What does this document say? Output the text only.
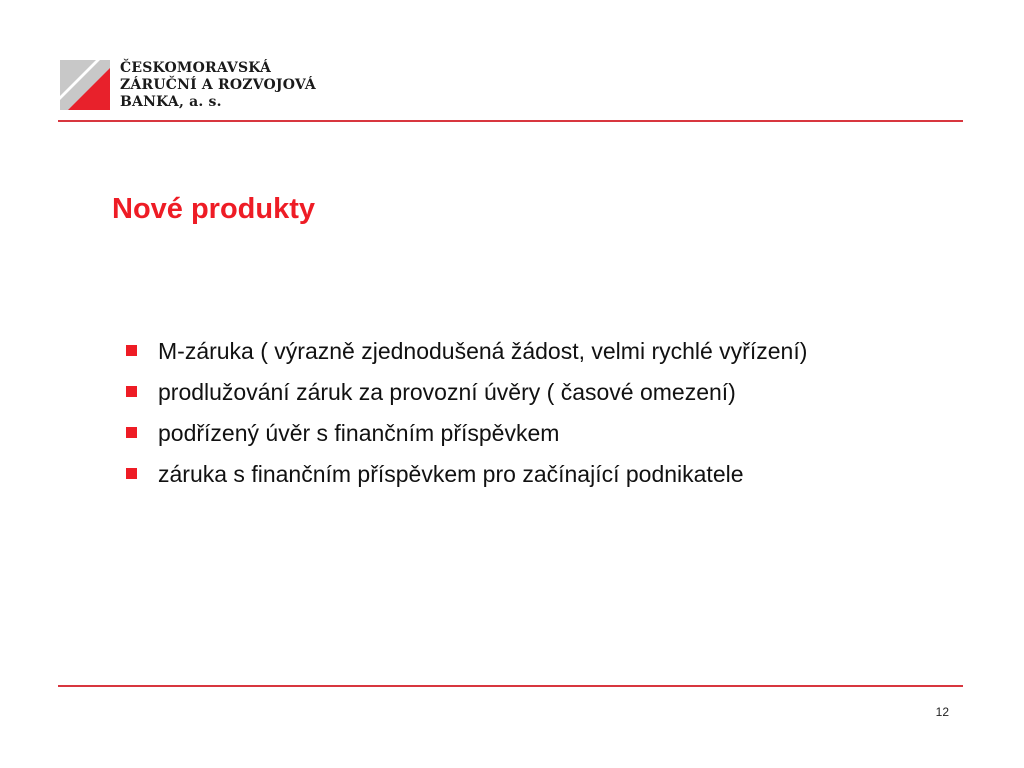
ČESKOMORAVSKÁ
ZÁRUČNÍ A ROZVOJOVÁ
BANKA, a. s.
Nové produkty
M-záruka ( výrazně zjednodušená žádost, velmi rychlé vyřízení)
prodlužování záruk za provozní úvěry ( časové omezení)
podřízený úvěr s finančním příspěvkem
záruka s finančním příspěvkem pro začínající podnikatele
12
